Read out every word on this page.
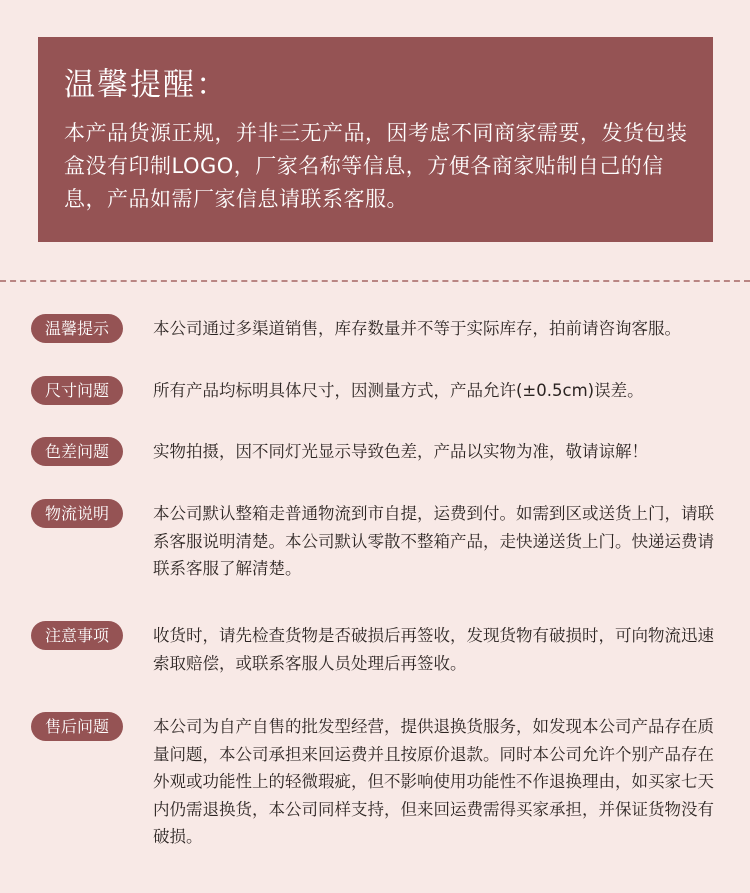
温馨提醒：
本产品货源正规，并非三无产品，因考虑不同商家需要，发货包装盒没有印制LOGO，厂家名称等信息，方便各商家贴制自己的信息，产品如需厂家信息请联系客服。
温馨提示	本公司通过多渠道销售，库存数量并不等于实际库存，拍前请咨询客服。
尺寸问题	所有产品均标明具体尺寸，因测量方式，产品允许(±0.5cm)误差。
色差问题	实物拍摄，因不同灯光显示导致色差，产品以实物为准，敬请谅解！
物流说明	本公司默认整箱走普通物流到市自提，运费到付。如需到区或送货上门，请联系客服说明清楚。本公司默认零散不整箱产品，走快递送货上门。快递运费请联系客服了解清楚。
注意事项	收货时，请先检查货物是否破损后再签收，发现货物有破损时，可向物流迅速索取赔偿，或联系客服人员处理后再签收。
售后问题	本公司为自产自售的批发型经营，提供退换货服务，如发现本公司产品存在质量问题，本公司承担来回运费并且按原价退款。同时本公司允许个别产品存在外观或功能性上的轻微瑕疵，但不影响使用功能性不作退换理由，如买家七天内仍需退换货，本公司同样支持，但来回运费需得买家承担，并保证货物没有破损。
